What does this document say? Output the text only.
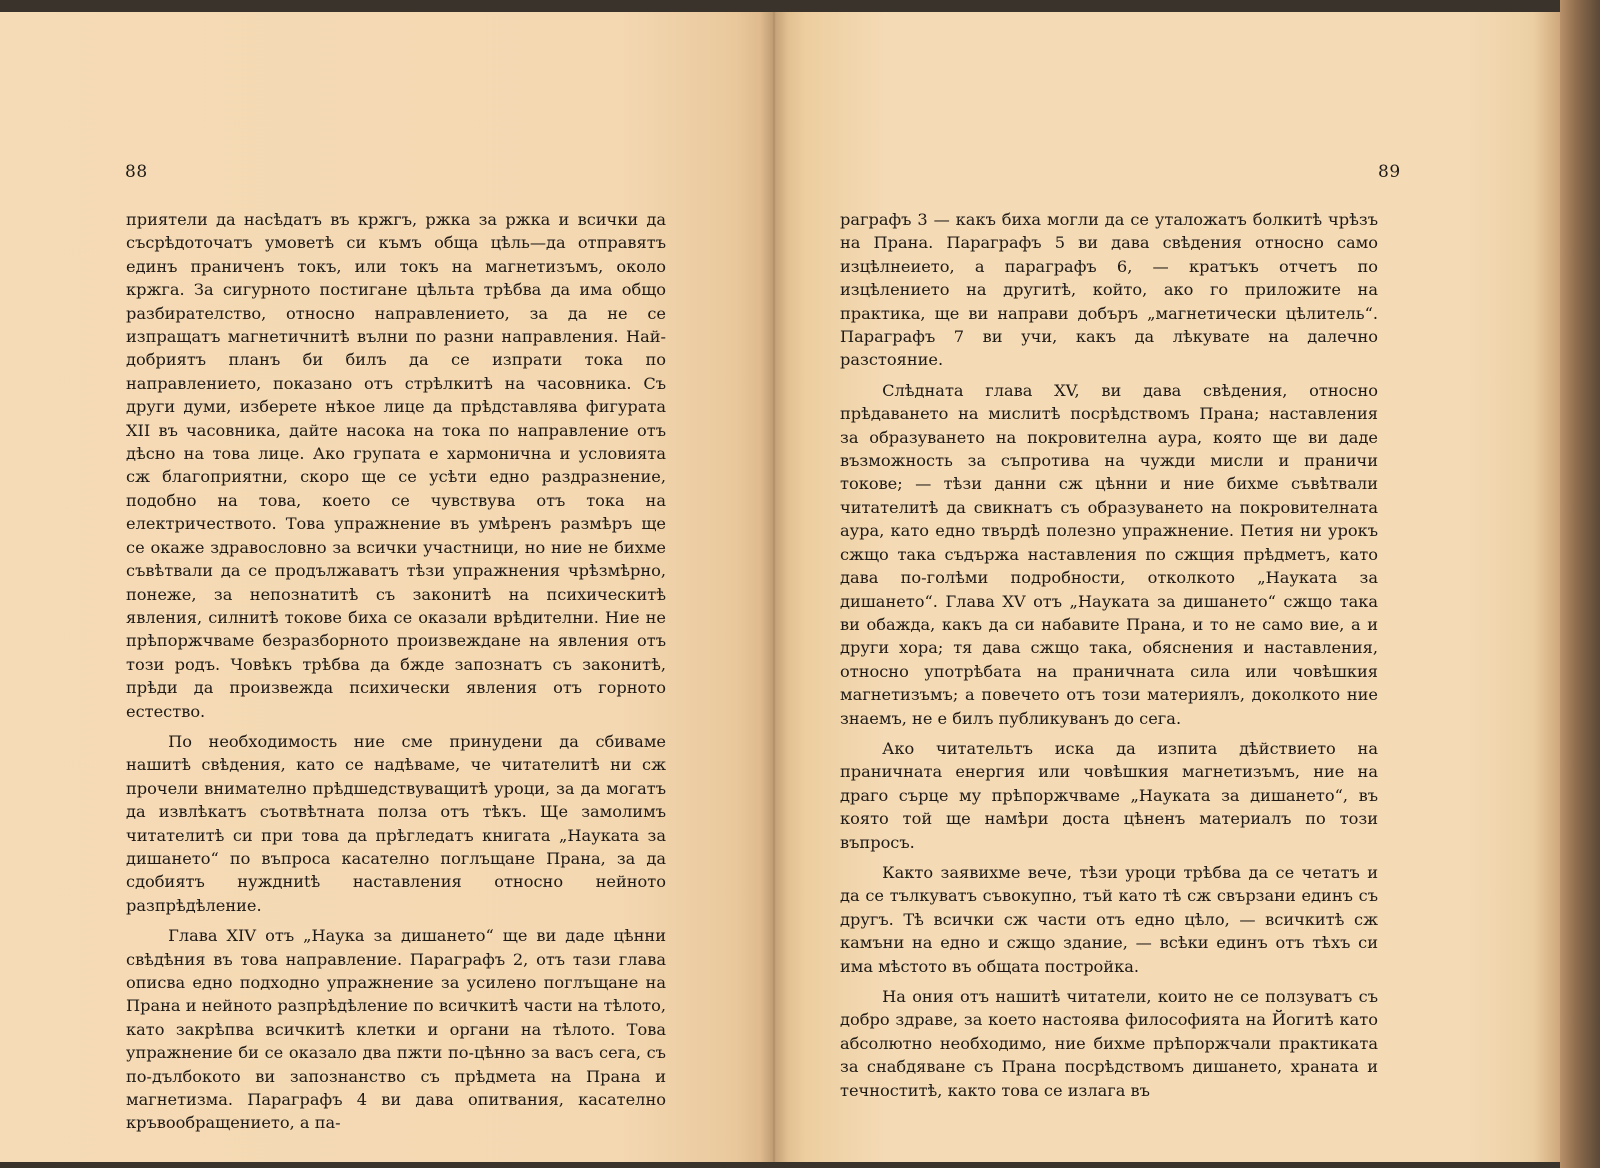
88

приятели да насѣдатъ въ кржгъ, ржка за ржка и всички да съсрѣдоточатъ умоветѣ си къмъ обща цѣль—да отправятъ единъ праниченъ токъ, или токъ на магнетизъмъ, около кржга. За сигурното постигане цѣльта трѣбва да има общо разбирателство, относно направлението, за да не се изпращатъ магнетичнитѣ вълни по разни направления. Най-добриятъ планъ би билъ да се изпрати тока по направлението, показано отъ стрѣлкитѣ на часовника. Съ други думи, изберете нѣкое лице да прѣдставлява фигурата XII въ часовника, дайте насока на тока по направление отъ дѣсно на това лице. Ако групата е хармонична и условията сж благоприятни, скоро ще се усѣти едно раздразнение, подобно на това, което се чувствува отъ тока на електричеството. Това упражнение въ умѣренъ размѣръ ще се окаже здравословно за всички участници, но ние не бихме съвѣтвали да се продължаватъ тѣзи упражнения чрѣзмѣрно, понеже, за непознатитѣ съ законитѣ на психическитѣ явления, силнитѣ токове биха се оказали врѣдителни. Ние не прѣпоржчваме безразборното произвеждане на явления отъ този родъ. Човѣкъ трѣбва да бжде запознатъ съ законитѣ, прѣди да произвежда психически явления отъ горното естество.

По необходимость ние сме принудени да сбиваме нашитѣ свѣдения, като се надѣваме, че читателитѣ ни сж прочели внимателно прѣдшедствуващитѣ уроци, за да могатъ да извлѣкатъ съотвѣтната полза отъ тѣкъ. Ще замолимъ читателитѣ си при това да прѣгледатъ книгата „Науката за дишането“ по въпроса касателно поглъщане Прана, за да сдобиятъ нуждниtѣ наставления относно нейното разпрѣдѣление.

Глава XIV отъ „Наука за дишането“ ще ви даде цѣнни свѣдѣния въ това направление. Параграфъ 2, отъ тази глава описва едно подходно упражнение за усилено поглъщане на Прана и нейното разпрѣдѣление по всичкитѣ части на тѣлото, като закрѣпва всичкитѣ клетки и органи на тѣлото. Това упражнение би се оказало два пжти по-цѣнно за васъ сега, съ по-дълбокото ви запознанство съ прѣдмета на Прана и магнетизма. Параграфъ 4 ви дава опитвания, касателно кръвообращението, а па-

89

раграфъ 3 — какъ биха могли да се уталожатъ болкитѣ чрѣзъ на Прана. Параграфъ 5 ви дава свѣдения относно само изцѣлнеието, а параграфъ 6, — кратъкъ отчетъ по изцѣлението на другитѣ, който, ако го приложите на практика, ще ви направи добъръ „магнетически цѣлитель“. Параграфъ 7 ви учи, какъ да лѣкувате на далечно разстояние.

Слѣдната глава XV, ви дава свѣдения, относно прѣдаването на мислитѣ посрѣдствомъ Прана; наставления за образуването на покровителна аура, която ще ви даде възможность за съпротива на чужди мисли и праничи токове; — тѣзи данни сж цѣнни и ние бихме съвѣтвали читателитѣ да свикнатъ съ образуването на покровителната аура, като едно твърдѣ полезно упражнение. Петия ни урокъ сжщо така съдържа наставления по сжщия прѣдметъ, като дава по-голѣми подробности, отколкото „Науката за дишането“. Глава XV отъ „Науката за дишането“ сжщо така ви обажда, какъ да си набавите Прана, и то не само вие, а и други хора; тя дава сжщо така, обяснения и наставления, относно употрѣбата на праничната сила или човѣшкия магнетизъмъ; а повечето отъ този материялъ, доколкото ние знаемъ, не е билъ публикуванъ до сега.

Ако читательтъ иска да изпита дѣйствието на праничната енергия или човѣшкия магнетизъмъ, ние на драго сърце му прѣпоржчваме „Науката за дишането“, въ която той ще намѣри доста цѣненъ материалъ по този въпросъ.

Както заявихме вече, тѣзи уроци трѣбва да се четатъ и да се тълкуватъ съвокупно, тъй като тѣ сж свързани единъ съ другъ. Тѣ всички сж части отъ едно цѣло, — всичкитѣ сж камъни на едно и сжщо здание, — всѣки единъ отъ тѣхъ си има мѣстото въ общата постройка.

На ония отъ нашитѣ читатели, които не се ползуватъ съ добро здраве, за което настоява философията на Йогитѣ като абсолютно необходимо, ние бихме прѣпоржчали практиката за снабдяване съ Прана посрѣдствомъ дишането, храната и течноститѣ, както това се излага въ
